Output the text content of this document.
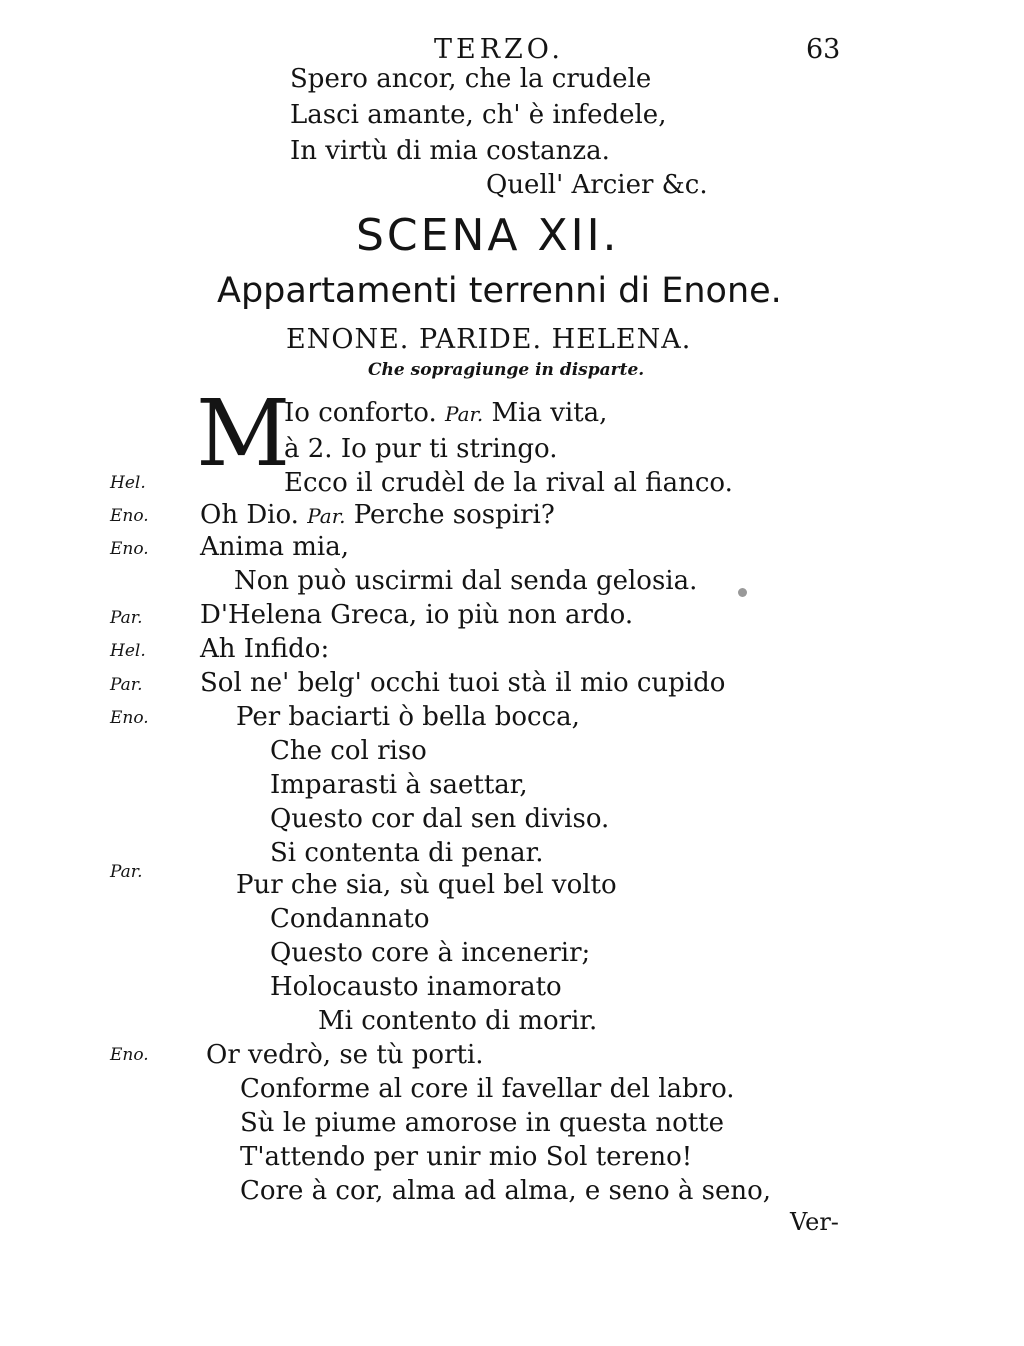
TERZO.	63
Spero ancor, che la crudele
Lasci amante, ch' è infedele,
In virtù di mia costanza.
Quell' Arcier &c.
SCENA XII.
Appartamenti terrenni di Enone.
ENONE. PARIDE. HELENA.
Che sopragiunge in disparte.
M
Io conforto. Par. Mia vita,
à 2. Io pur ti stringo.
Hel.	Ecco il crudèl de la rival al fianco.
Eno. Oh Dio. Par. Perche sospiri?
Eno. Anima mia,
Non può uscirmi dal senda gelosia.
Par. D'Helena Greca, io più non ardo.
Hel. Ah Infido:
Par. Sol ne' belg' occhi tuoi stà il mio cupido
Eno.	Per baciarti ò bella bocca,
Che col riso
Imparasti à saettar,
Questo cor dal sen diviso.
Si contenta di penar.
Par.	Pur che sia, sù quel bel volto
Condannato
Questo core à incenerir;
Holocausto inamorato
Mi contento di morir.
Eno. Or vedrò, se tù porti.
Conforme al core il favellar del labro.
Sù le piume amorose in questa notte
T'attendo per unir mio Sol tereno!
Core à cor, alma ad alma, e seno à seno,
Ver-
